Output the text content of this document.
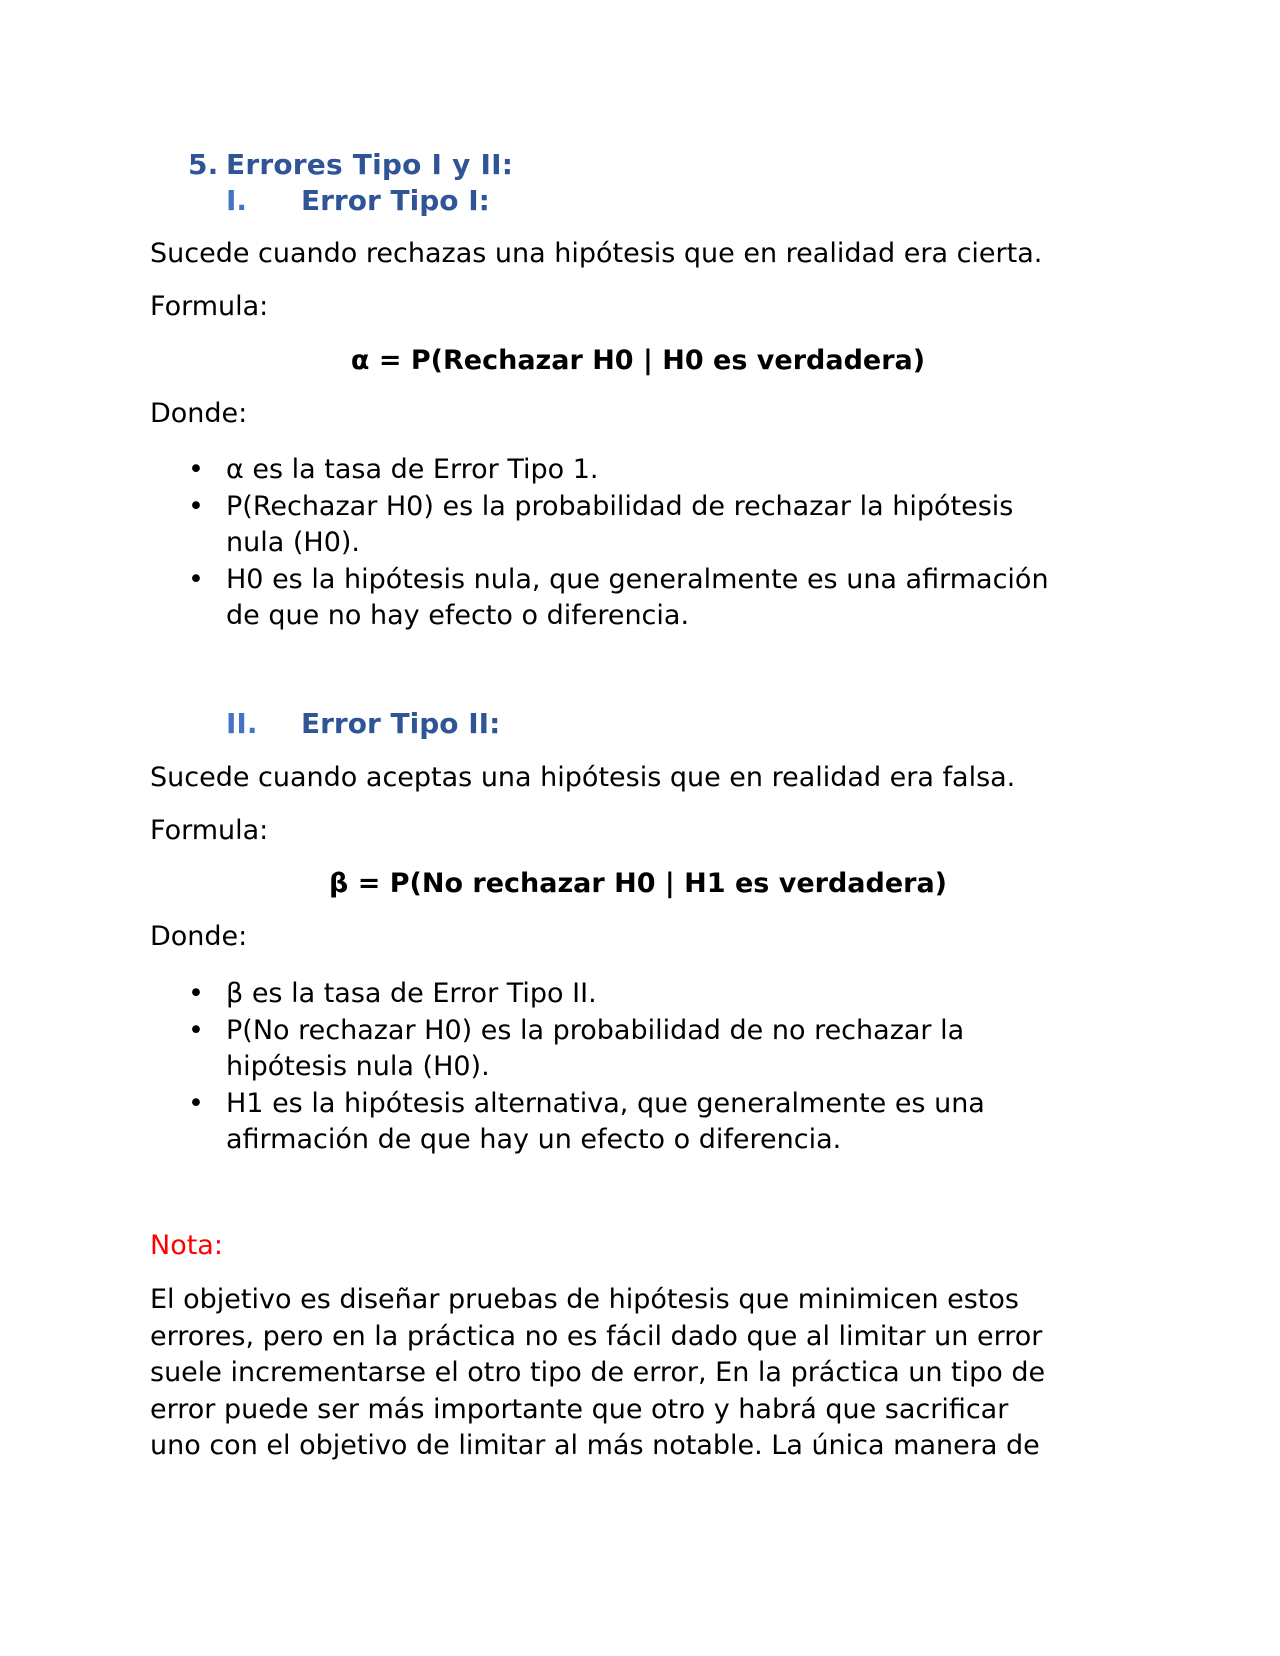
5. Errores Tipo I y II:
I. Error Tipo I:
Sucede cuando rechazas una hipótesis que en realidad era cierta.
Formula:
α = P(Rechazar H0 | H0 es verdadera)
Donde:
• α es la tasa de Error Tipo 1.
• P(Rechazar H0) es la probabilidad de rechazar la hipótesis
nula (H0).
• H0 es la hipótesis nula, que generalmente es una afirmación
de que no hay efecto o diferencia.
II. Error Tipo II:
Sucede cuando aceptas una hipótesis que en realidad era falsa.
Formula:
β = P(No rechazar H0 | H1 es verdadera)
Donde:
• β es la tasa de Error Tipo II.
• P(No rechazar H0) es la probabilidad de no rechazar la
hipótesis nula (H0).
• H1 es la hipótesis alternativa, que generalmente es una
afirmación de que hay un efecto o diferencia.
Nota:
El objetivo es diseñar pruebas de hipótesis que minimicen estos
errores, pero en la práctica no es fácil dado que al limitar un error
suele incrementarse el otro tipo de error, En la práctica un tipo de
error puede ser más importante que otro y habrá que sacrificar
uno con el objetivo de limitar al más notable. La única manera de
